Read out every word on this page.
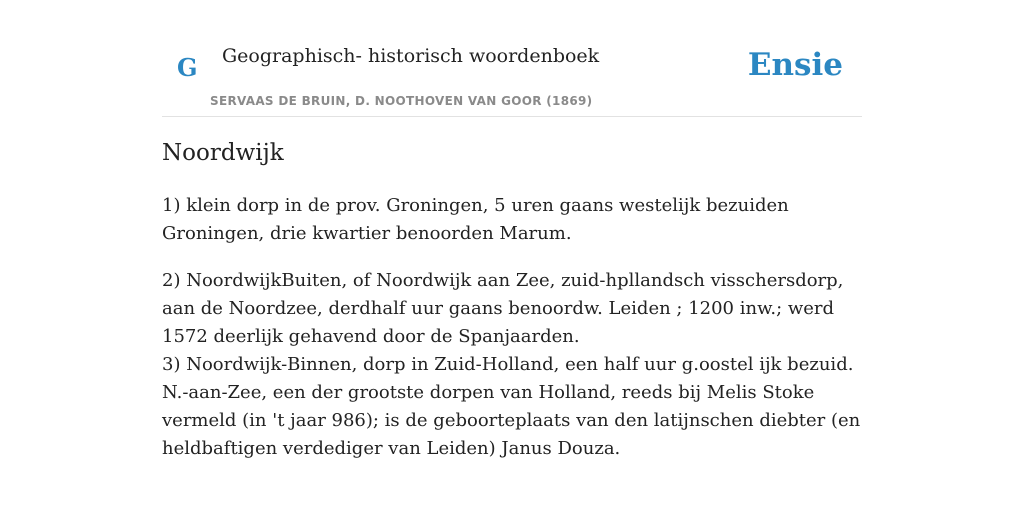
G Geographisch- historisch woordenboek
SERVAAS DE BRUIN, D. NOOTHOVEN VAN GOOR (1869)
Ensie
Noordwijk

1) klein dorp in de prov. Groningen, 5 uren gaans westelijk bezuiden Groningen, drie kwartier benoorden Marum.

2) NoordwijkBuiten, of Noordwijk aan Zee, zuid-hpllandsch visschersdorp, aan de Noordzee, derdhalf uur gaans benoordw. Leiden ; 1200 inw.; werd 1572 deerlijk gehavend door de Spanjaarden.

3) Noordwijk-Binnen, dorp in Zuid-Holland, een half uur g.oostel ijk bezuid. N.-aan-Zee, een der grootste dorpen van Holland, reeds bij Melis Stoke vermeld (in 't jaar 986); is de geboorteplaats van den latijnschen diebter (en heldbaftigen verdediger van Leiden) Janus Douza.
